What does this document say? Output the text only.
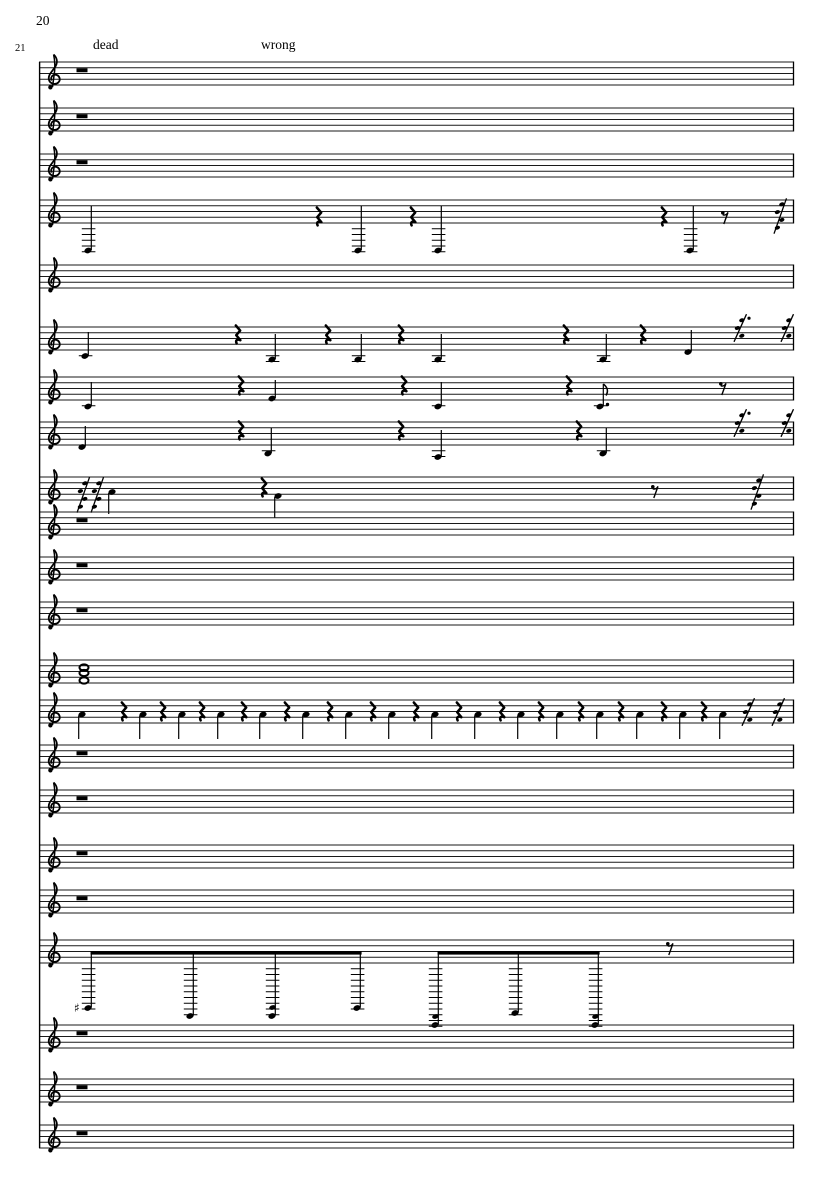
20
21	dead	wrong
♯
